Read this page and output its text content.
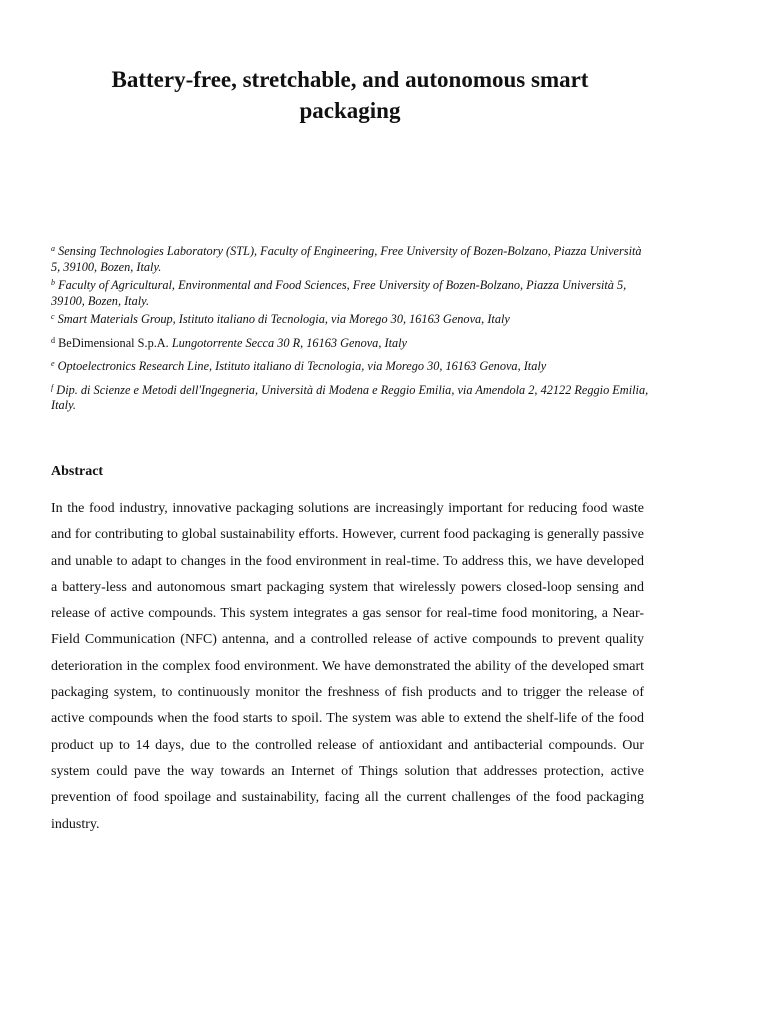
Battery-free, stretchable, and autonomous smart
packaging

$^a$ Sensing Technologies Laboratory (STL), Faculty of Engineering, Free University of Bozen-Bolzano, Piazza Università 5, 39100, Bozen, Italy.

$^b$ Faculty of Agricultural, Environmental and Food Sciences, Free University of Bozen-Bolzano, Piazza Università 5, 39100, Bozen, Italy.

$^c$ Smart Materials Group, Istituto italiano di Tecnologia, via Morego 30, 16163 Genova, Italy

$^d$ BeDimensional S.p.A. Lungotorrente Secca 30 R, 16163 Genova, Italy

$^e$ Optoelectronics Research Line, Istituto italiano di Tecnologia, via Morego 30, 16163 Genova, Italy

$^f$ Dip. di Scienze e Metodi dell'Ingegneria, Università di Modena e Reggio Emilia, via Amendola 2, 42122 Reggio Emilia, Italy.

Abstract

In the food industry, innovative packaging solutions are increasingly important for reducing food waste and for contributing to global sustainability efforts. However, current food packaging is generally passive and unable to adapt to changes in the food environment in real-time. To address this, we have developed a battery-less and autonomous smart packaging system that wirelessly powers closed-loop sensing and release of active compounds. This system integrates a gas sensor for real-time food monitoring, a Near-Field Communication (NFC) antenna, and a controlled release of active compounds to prevent quality deterioration in the complex food environment. We have demonstrated the ability of the developed smart packaging system, to continuously monitor the freshness of fish products and to trigger the release of active compounds when the food starts to spoil. The system was able to extend the shelf-life of the food product up to 14 days, due to the controlled release of antioxidant and antibacterial compounds. Our system could pave the way towards an Internet of Things solution that addresses protection, active prevention of food spoilage and sustainability, facing all the current challenges of the food packaging industry.
